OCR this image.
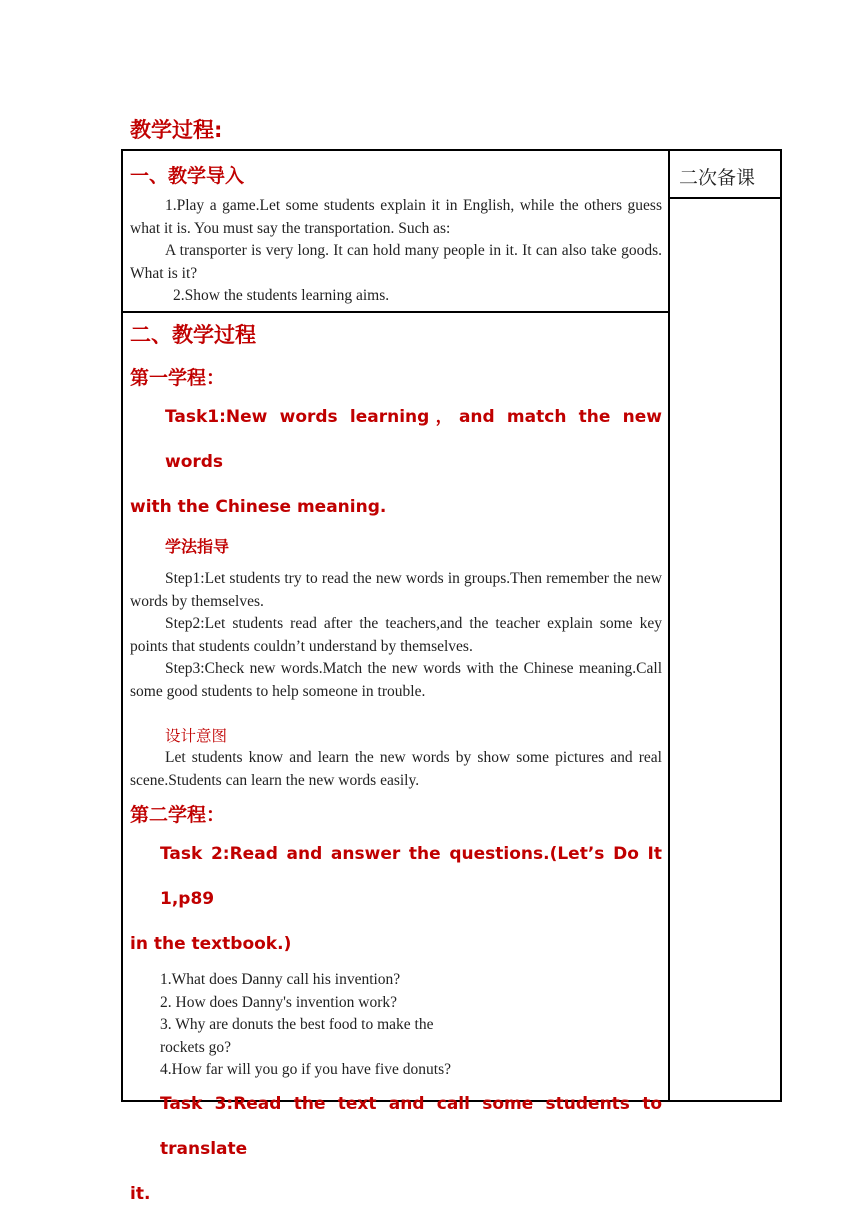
教学过程:
二次备课
一、教学导入

1.Play a game.Let some students explain it in English, while the others guess what it is. You must say the transportation. Such as:

A transporter is very long. It can hold many people in it. It can also take goods. What is it?

2.Show the students learning aims.

二、教学过程
第一学程：
Task1:New words learning，and match the new words
with the Chinese meaning.
学法指导

Step1:Let students try to read the new words in groups.Then remember the new words by themselves.

Step2:Let students read after the teachers,and the teacher explain some key points that students couldn’t understand by themselves.

Step3:Check new words.Match the new words with the Chinese meaning.Call some good students to help someone in trouble.

设计意图

Let students know and learn the new words by show some pictures and real scene.Students can learn the new words easily.

第二学程：
Task 2:Read and answer the questions.(Let’s Do It 1,p89
in the textbook.)

1.What does Danny call his invention?

2. How does Danny's invention work?

3. Why are donuts the best food to make the

rockets go?

4.How far will you go if you have five donuts?

Task 3:Read the text and call some students to translate
it.
